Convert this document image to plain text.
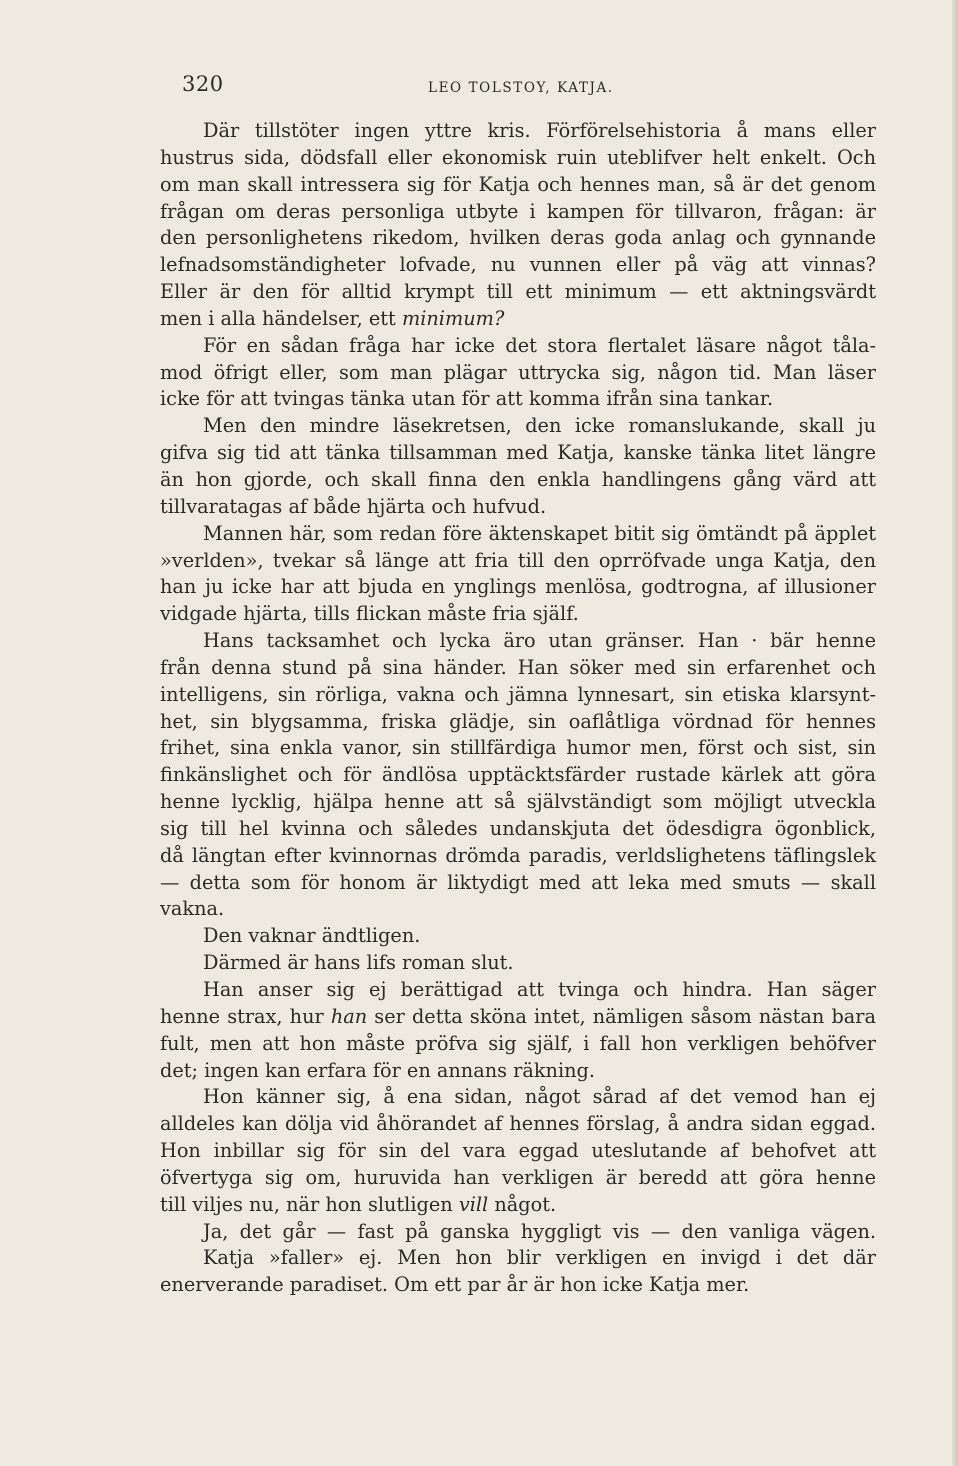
320	LEO TOLSTOY, KATJA.

Där tillstöter ingen yttre kris. Förförelsehistoria å mans eller
hustrus sida, dödsfall eller ekonomisk ruin uteblifver helt enkelt. Och
om man skall intressera sig för Katja och hennes man, så är det genom
frågan om deras personliga utbyte i kampen för tillvaron, frågan: är
den personlighetens rikedom, hvilken deras goda anlag och gynnande
lefnadsomständigheter lofvade, nu vunnen eller på väg att vinnas?
Eller är den för alltid krympt till ett minimum — ett aktningsvärdt
men i alla händelser, ett minimum?

För en sådan fråga har icke det stora flertalet läsare något tåla-
mod öfrigt eller, som man plägar uttrycka sig, någon tid. Man läser
icke för att tvingas tänka utan för att komma ifrån sina tankar.

Men den mindre läsekretsen, den icke romanslukande, skall ju
gifva sig tid att tänka tillsamman med Katja, kanske tänka litet längre
än hon gjorde, och skall finna den enkla handlingens gång värd att
tillvaratagas af både hjärta och hufvud.

Mannen här, som redan före äktenskapet bitit sig ömtändt på äpplet
»verlden», tvekar så länge att fria till den oprröfvade unga Katja, den
han ju icke har att bjuda en ynglings menlösa, godtrogna, af illusioner
vidgade hjärta, tills flickan måste fria själf.

Hans tacksamhet och lycka äro utan gränser. Han · bär henne
från denna stund på sina händer. Han söker med sin erfarenhet och
intelligens, sin rörliga, vakna och jämna lynnesart, sin etiska klarsynt-
het, sin blygsamma, friska glädje, sin oaflåtliga vördnad för hennes
frihet, sina enkla vanor, sin stillfärdiga humor men, först och sist, sin
finkänslighet och för ändlösa upptäcktsfärder rustade kärlek att göra
henne lycklig, hjälpa henne att så självständigt som möjligt utveckla
sig till hel kvinna och således undanskjuta det ödesdigra ögonblick,
då längtan efter kvinnornas drömda paradis, verldslighetens täflingslek
— detta som för honom är liktydigt med att leka med smuts — skall
vakna.

Den vaknar ändtligen.

Därmed är hans lifs roman slut.

Han anser sig ej berättigad att tvinga och hindra. Han säger
henne strax, hur han ser detta sköna intet, nämligen såsom nästan bara
fult, men att hon måste pröfva sig själf, i fall hon verkligen behöfver
det; ingen kan erfara för en annans räkning.

Hon känner sig, å ena sidan, något sårad af det vemod han ej
alldeles kan dölja vid åhörandet af hennes förslag, å andra sidan eggad.
Hon inbillar sig för sin del vara eggad uteslutande af behofvet att
öfvertyga sig om, huruvida han verkligen är beredd att göra henne
till viljes nu, när hon slutligen vill något.

Ja, det går — fast på ganska hyggligt vis — den vanliga vägen.

Katja »faller» ej. Men hon blir verkligen en invigd i det där
enerverande paradiset. Om ett par år är hon icke Katja mer.
